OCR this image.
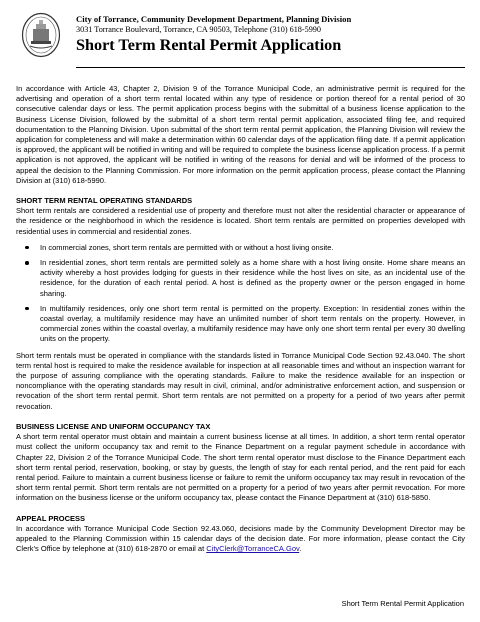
City of Torrance, Community Development Department, Planning Division
3031 Torrance Boulevard, Torrance, CA 90503, Telephone (310) 618-5990
Short Term Rental Permit Application

In accordance with Article 43, Chapter 2, Division 9 of the Torrance Municipal Code, an administrative permit is required for the advertising and operation of a short term rental located within any type of residence or portion thereof for a rental period of 30 consecutive calendar days or less. The permit application process begins with the submittal of a business license application to the Business License Division, followed by the submittal of a short term rental permit application, associated filing fee, and required documentation to the Planning Division. Upon submittal of the short term rental permit application, the Planning Division will review the application for completeness and will make a determination within 60 calendar days of the application filing date. If a permit application is approved, the applicant will be notified in writing and will be required to complete the business license application process. If a permit application is not approved, the applicant will be notified in writing of the reasons for denial and will be informed of the process to appeal the decision to the Planning Commission. For more information on the permit application process, please contact the Planning Division at (310) 618-5990.

SHORT TERM RENTAL OPERATING STANDARDS

Short term rentals are considered a residential use of property and therefore must not alter the residential character or appearance of the residence or the neighborhood in which the residence is located. Short term rentals are permitted on properties developed with residential uses in commercial and residential zones.

In commercial zones, short term rentals are permitted with or without a host living onsite.
In residential zones, short term rentals are permitted solely as a home share with a host living onsite. Home share means an activity whereby a host provides lodging for guests in their residence while the host lives on site, as an incidental use of the residence, for the duration of each rental period. A host is defined as the property owner or the person engaged in home sharing.
In multifamily residences, only one short term rental is permitted on the property. Exception: In residential zones within the coastal overlay, a multifamily residence may have an unlimited number of short term rentals on the property. However, in commercial zones within the coastal overlay, a multifamily residence may have only one short term rental per every 30 dwelling units on the property.

Short term rentals must be operated in compliance with the standards listed in Torrance Municipal Code Section 92.43.040. The short term rental host is required to make the residence available for inspection at all reasonable times and without an inspection warrant for the purpose of assuring compliance with the operating standards. Failure to make the residence available for an inspection or noncompliance with the operating standards may result in civil, criminal, and/or administrative enforcement action, and suspension or revocation of the short term rental permit. Short term rentals are not permitted on a property for a period of two years after permit revocation.

BUSINESS LICENSE AND UNIFORM OCCUPANCY TAX

A short term rental operator must obtain and maintain a current business license at all times. In addition, a short term rental operator must collect the uniform occupancy tax and remit to the Finance Department on a regular payment schedule in accordance with Chapter 22, Division 2 of the Torrance Municipal Code. The short term rental operator must disclose to the Finance Department each short term rental period, reservation, booking, or stay by guests, the length of stay for each rental period, and the rent paid for each rental period. Failure to maintain a current business license or failure to remit the uniform occupancy tax may result in revocation of the short term rental permit. Short term rentals are not permitted on a property for a period of two years after permit revocation. For more information on the business license or the uniform occupancy tax, please contact the Finance Department at (310) 618-5850.

APPEAL PROCESS

In accordance with Torrance Municipal Code Section 92.43.060, decisions made by the Community Development Director may be appealed to the Planning Commission within 15 calendar days of the decision date. For more information, please contact the City Clerk’s Office by telephone at (310) 618-2870 or email at CityClerk@TorranceCA.Gov.

Short Term Rental Permit Application
